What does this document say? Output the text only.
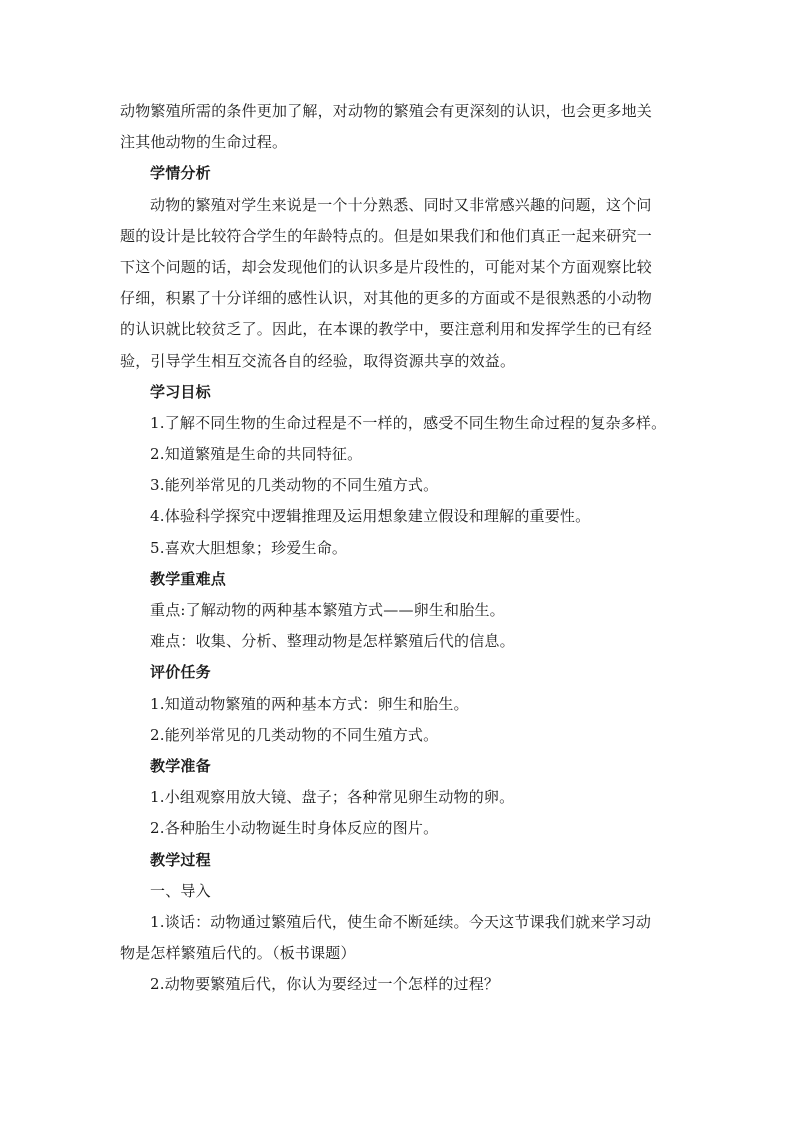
动物繁殖所需的条件更加了解，对动物的繁殖会有更深刻的认识，也会更多地关
注其他动物的生命过程。
学情分析
动物的繁殖对学生来说是一个十分熟悉、同时又非常感兴趣的问题，这个问
题的设计是比较符合学生的年龄特点的。但是如果我们和他们真正一起来研究一
下这个问题的话，却会发现他们的认识多是片段性的，可能对某个方面观察比较
仔细，积累了十分详细的感性认识，对其他的更多的方面或不是很熟悉的小动物
的认识就比较贫乏了。因此，在本课的教学中，要注意利用和发挥学生的已有经
验，引导学生相互交流各自的经验，取得资源共享的效益。
学习目标
1.了解不同生物的生命过程是不一样的，感受不同生物生命过程的复杂多样。
2.知道繁殖是生命的共同特征。
3.能列举常见的几类动物的不同生殖方式。
4.体验科学探究中逻辑推理及运用想象建立假设和理解的重要性。
5.喜欢大胆想象；珍爱生命。
教学重难点
重点:了解动物的两种基本繁殖方式——卵生和胎生。
难点：收集、分析、整理动物是怎样繁殖后代的信息。
评价任务
1.知道动物繁殖的两种基本方式：卵生和胎生。
2.能列举常见的几类动物的不同生殖方式。
教学准备
1.小组观察用放大镜、盘子；各种常见卵生动物的卵。
2.各种胎生小动物诞生时身体反应的图片。
教学过程
一、导入
1.谈话：动物通过繁殖后代，使生命不断延续。今天这节课我们就来学习动
物是怎样繁殖后代的。（板书课题）
2.动物要繁殖后代，你认为要经过一个怎样的过程？
